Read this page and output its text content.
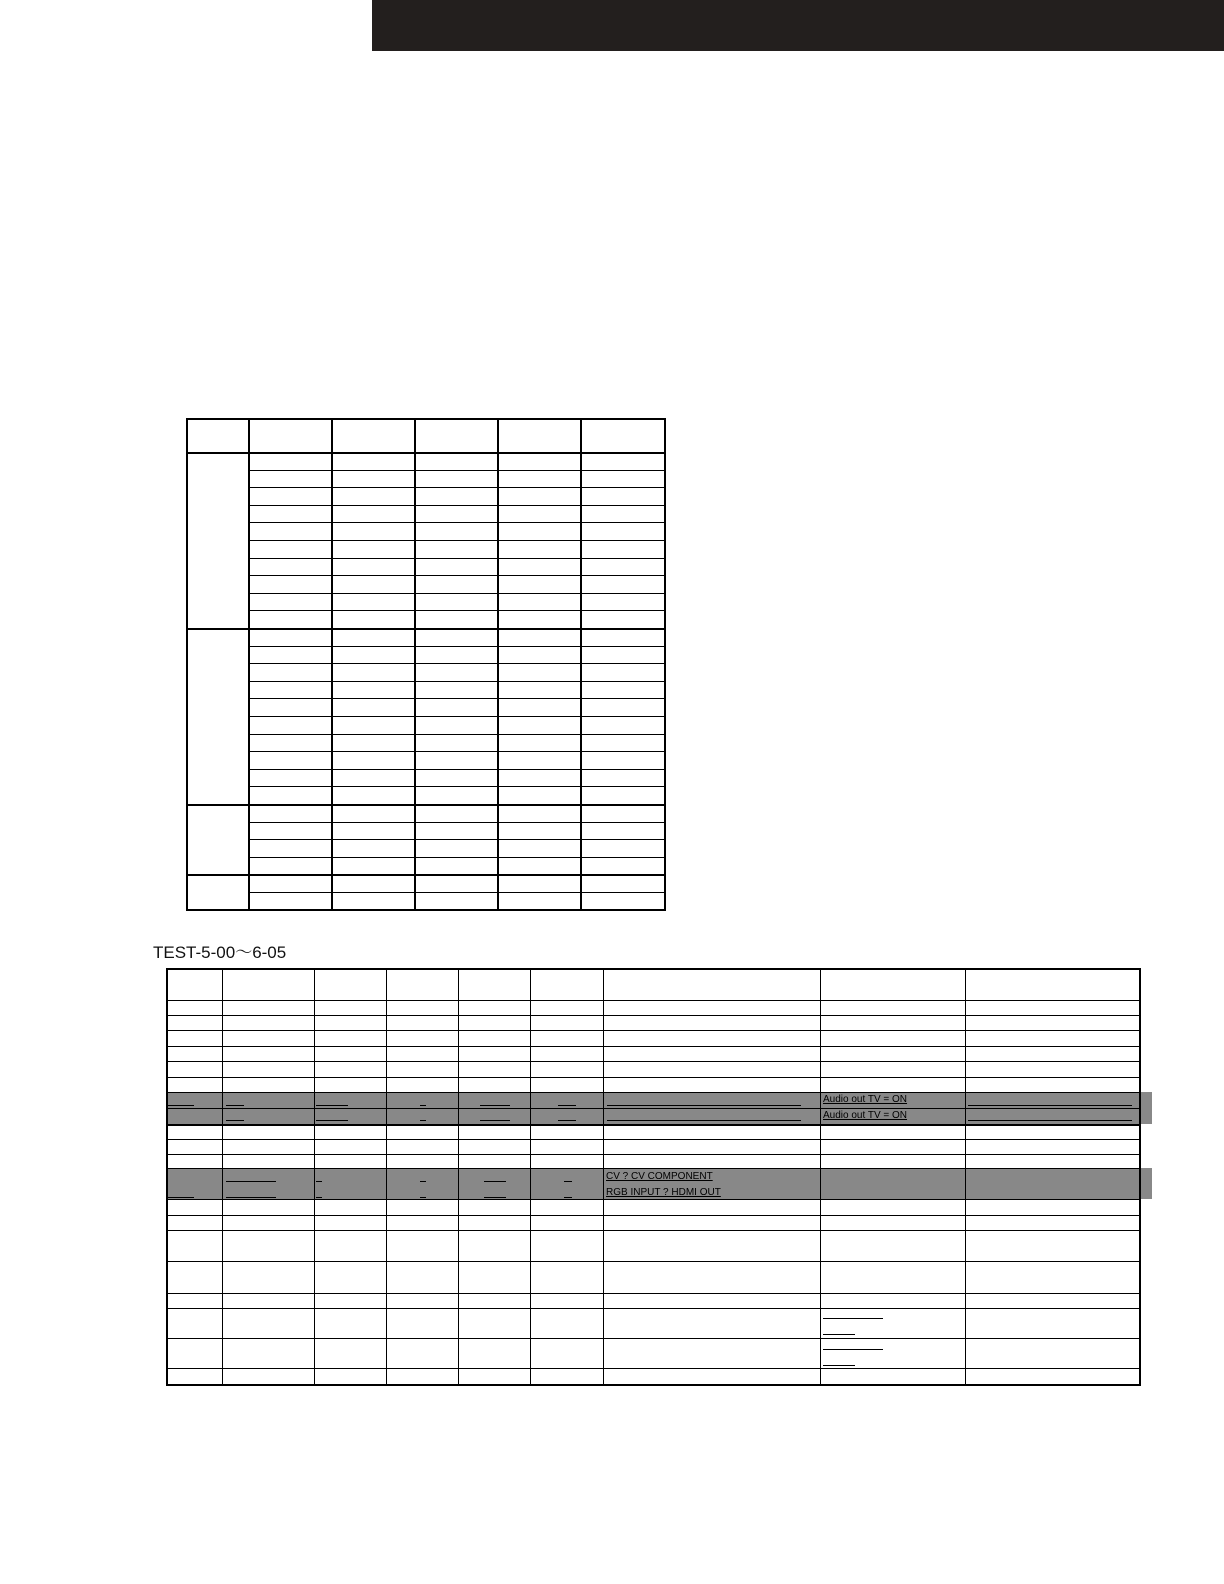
TEST-5-00〜6-05
Audio out TV = ON
Audio out TV = ON
CV ? CV COMPONENT
RGB INPUT ? HDMI OUT
